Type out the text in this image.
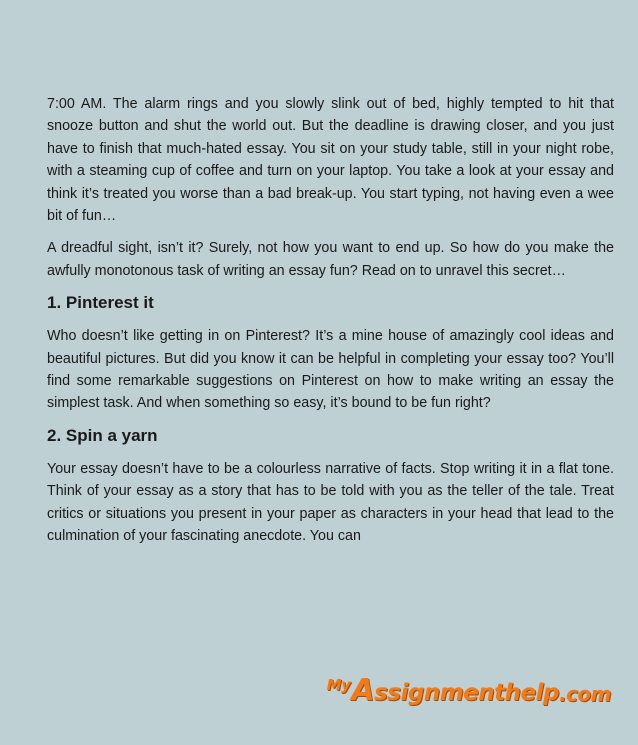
7:00 AM. The alarm rings and you slowly slink out of bed, highly tempted to hit that snooze button and shut the world out. But the deadline is drawing closer, and you just have to finish that much-hated essay. You sit on your study table, still in your night robe, with a steaming cup of coffee and turn on your laptop. You take a look at your essay and think it’s treated you worse than a bad break-up. You start typing, not having even a wee bit of fun…

A dreadful sight, isn’t it? Surely, not how you want to end up. So how do you make the awfully monotonous task of writing an essay fun? Read on to unravel this secret…

1. Pinterest it

Who doesn’t like getting in on Pinterest? It’s a mine house of amazingly cool ideas and beautiful pictures. But did you know it can be helpful in completing your essay too? You’ll find some remarkable suggestions on Pinterest on how to make writing an essay the simplest task. And when something so easy, it’s bound to be fun right?

2. Spin a yarn

Your essay doesn’t have to be a colourless narrative of facts. Stop writing it in a flat tone. Think of your essay as a story that has to be told with you as the teller of the tale. Treat critics or situations you present in your paper as characters in your head that lead to the culmination of your fascinating anecdote. You can

My A ssignmenthelp .com
